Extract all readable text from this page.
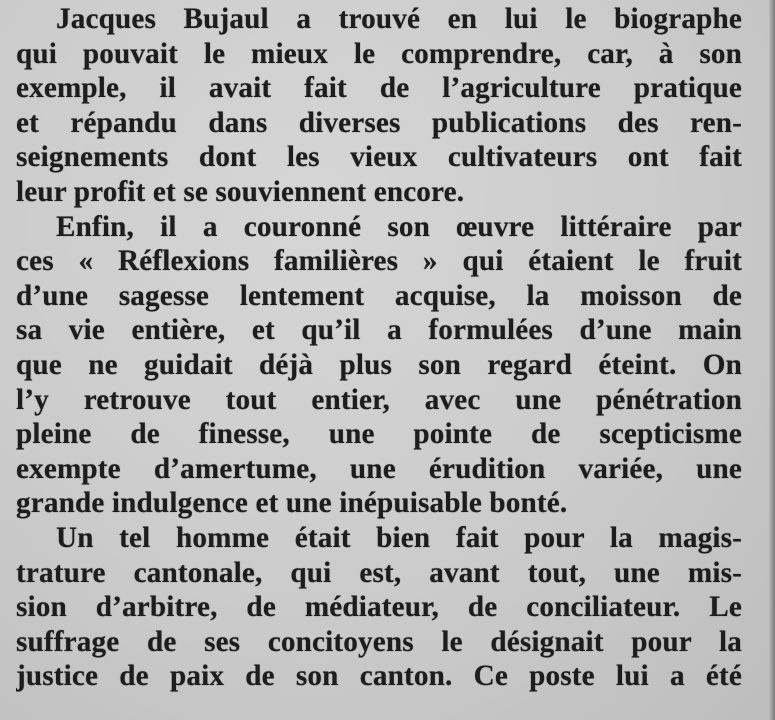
Jacques Bujaul a trouvé en lui le biographe
qui pouvait le mieux le comprendre, car, à son
exemple, il avait fait de l’agriculture pratique
et répandu dans diverses publications des ren-
seignements dont les vieux cultivateurs ont fait
leur profit et se souviennent encore.
Enfin, il a couronné son œuvre littéraire par
ces « Réflexions familières » qui étaient le fruit
d’une sagesse lentement acquise, la moisson de
sa vie entière, et qu’il a formulées d’une main
que ne guidait déjà plus son regard éteint. On
l’y retrouve tout entier, avec une pénétration
pleine de finesse, une pointe de scepticisme
exempte d’amertume, une érudition variée, une
grande indulgence et une inépuisable bonté.
Un tel homme était bien fait pour la magis-
trature cantonale, qui est, avant tout, une mis-
sion d’arbitre, de médiateur, de conciliateur. Le
suffrage de ses concitoyens le désignait pour la
justice de paix de son canton. Ce poste lui a été
